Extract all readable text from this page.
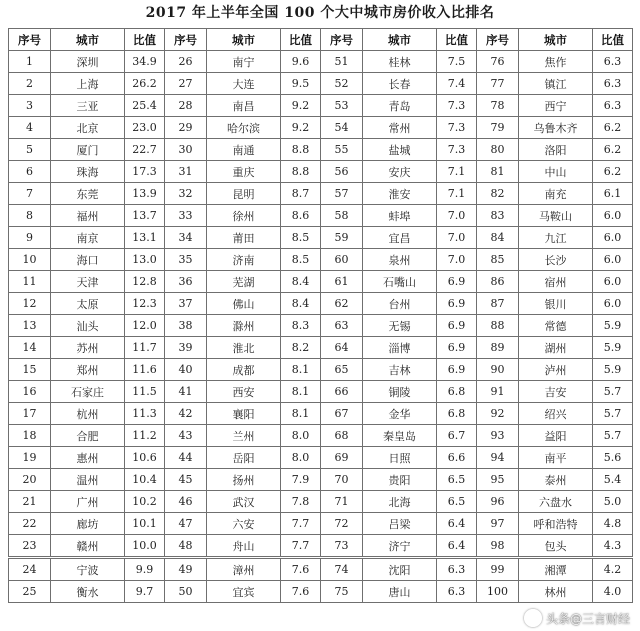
2017 年上半年全国 100 个大中城市房价收入比排名
序号	城市	比值	序号	城市	比值	序号	城市	比值	序号	城市	比值
1	深圳	34.9	26	南宁	9.6	51	桂林	7.5	76	焦作	6.3
2	上海	26.2	27	大连	9.5	52	长春	7.4	77	镇江	6.3
3	三亚	25.4	28	南昌	9.2	53	青岛	7.3	78	西宁	6.3
4	北京	23.0	29	哈尔滨	9.2	54	常州	7.3	79	乌鲁木齐	6.2
5	厦门	22.7	30	南通	8.8	55	盐城	7.3	80	洛阳	6.2
6	珠海	17.3	31	重庆	8.8	56	安庆	7.1	81	中山	6.2
7	东莞	13.9	32	昆明	8.7	57	淮安	7.1	82	南充	6.1
8	福州	13.7	33	徐州	8.6	58	蚌埠	7.0	83	马鞍山	6.0
9	南京	13.1	34	莆田	8.5	59	宜昌	7.0	84	九江	6.0
10	海口	13.0	35	济南	8.5	60	泉州	7.0	85	长沙	6.0
11	天津	12.8	36	芜湖	8.4	61	石嘴山	6.9	86	宿州	6.0
12	太原	12.3	37	佛山	8.4	62	台州	6.9	87	银川	6.0
13	汕头	12.0	38	滁州	8.3	63	无锡	6.9	88	常德	5.9
14	苏州	11.7	39	淮北	8.2	64	淄博	6.9	89	湖州	5.9
15	郑州	11.6	40	成都	8.1	65	吉林	6.9	90	泸州	5.9
16	石家庄	11.5	41	西安	8.1	66	铜陵	6.8	91	吉安	5.7
17	杭州	11.3	42	襄阳	8.1	67	金华	6.8	92	绍兴	5.7
18	合肥	11.2	43	兰州	8.0	68	秦皇岛	6.7	93	益阳	5.7
19	惠州	10.6	44	岳阳	8.0	69	日照	6.6	94	南平	5.6
20	温州	10.4	45	扬州	7.9	70	贵阳	6.5	95	泰州	5.4
21	广州	10.2	46	武汉	7.8	71	北海	6.5	96	六盘水	5.0
22	廊坊	10.1	47	六安	7.7	72	吕梁	6.4	97	呼和浩特	4.8
23	赣州	10.0	48	舟山	7.7	73	济宁	6.4	98	包头	4.3
24	宁波	9.9	49	漳州	7.6	74	沈阳	6.3	99	湘潭	4.2
25	衡水	9.7	50	宜宾	7.6	75	唐山	6.3	100	林州	4.0
头条@三言财经
